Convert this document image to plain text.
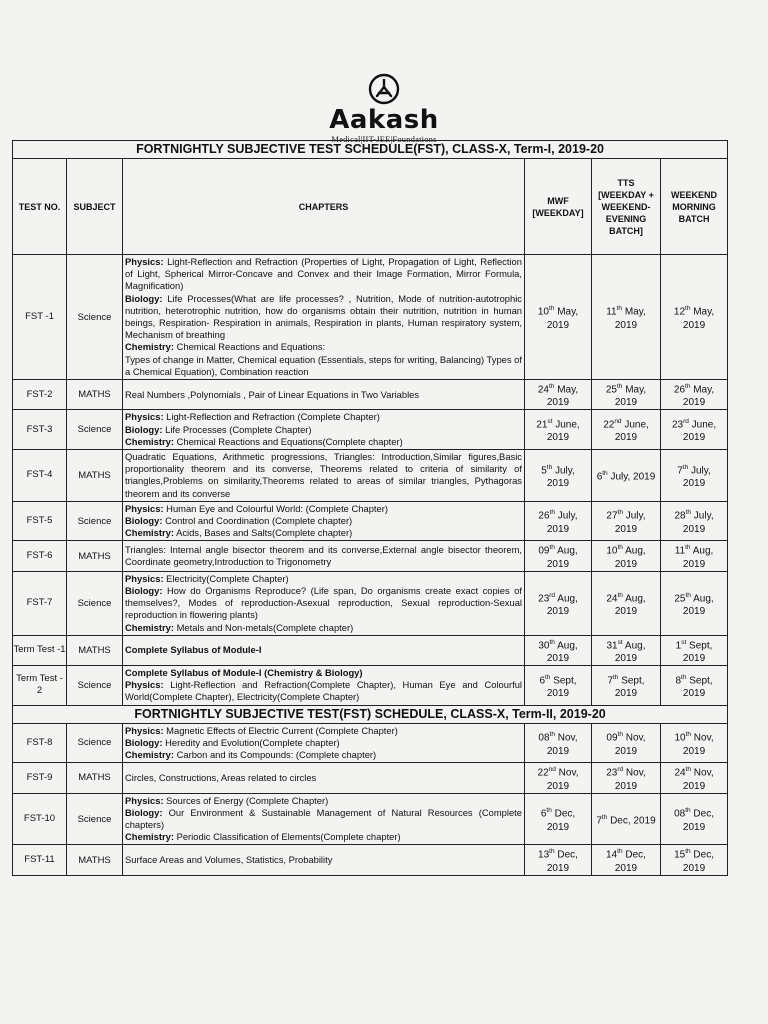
Aakash
Medical|IIT-JEE|Foundations
FORTNIGHTLY SUBJECTIVE TEST SCHEDULE(FST), CLASS-X, Term-I, 2019-20					
TEST NO.	SUBJECT	CHAPTERS	MWF [WEEKDAY]	TTS [WEEKDAY + WEEKEND-EVENING BATCH]	WEEKEND MORNING BATCH
FST -1	Science	Physics: Light-Reflection and Refraction (Properties of Light, Propagation of Light, Reflection of Light, Spherical Mirror-Concave and Convex and their Image Formation, Mirror Formula, Magnification)
Biology: Life Processes(What are life processes? , Nutrition, Mode of nutrition-autotrophic nutrition, heterotrophic nutrition, how do organisms obtain their nutrition, nutrition in human beings, Respiration- Respiration in animals, Respiration in plants, Human respiratory system, Mechanism of breathing
Chemistry: Chemical Reactions and Equations:
Types of change in Matter, Chemical equation (Essentials, steps for writing, Balancing) Types of a Chemical Equation), Combination reaction	10th May,
2019	11th May,
2019	12th May,
2019
FST-2	MATHS	Real Numbers ,Polynomials , Pair of Linear Equations in Two Variables	24th May,
2019	25th May,
2019	26th May,
2019
FST-3	Science	Physics: Light-Reflection and Refraction (Complete Chapter)
Biology: Life Processes (Complete Chapter)
Chemistry: Chemical Reactions and Equations(Complete chapter)	21st June,
2019	22nd June,
2019	23rd June,
2019
FST-4	MATHS	Quadratic Equations, Arithmetic progressions, Triangles: Introduction,Similar figures,Basic proportionality theorem and its converse, Theorems related to criteria of similarity of triangles,Problems on similarity,Theorems related to areas of similar triangles, Pythagoras theorem and its converse	5th July,
2019	6th July, 2019	7th July,
2019
FST-5	Science	Physics: Human Eye and Colourful World: (Complete Chapter)
Biology: Control and Coordination (Complete chapter)
Chemistry: Acids, Bases and Salts(Complete chapter)	26th July,
2019	27th July,
2019	28th July,
2019
FST-6	MATHS	Triangles: Internal angle bisector theorem and its converse,External angle bisector theorem, Coordinate geometry,Introduction to Trigonometry	09th Aug,
2019	10th Aug,
2019	11th Aug,
2019
FST-7	Science	Physics: Electricity(Complete Chapter)
Biology: How do Organisms Reproduce? (Life span, Do organisms create exact copies of themselves?, Modes of reproduction-Asexual reproduction, Sexual reproduction-Sexual reproduction in flowering plants)
Chemistry: Metals and Non-metals(Complete chapter)	23rd Aug,
2019	24th Aug,
2019	25th Aug,
2019
Term Test -1	MATHS	Complete Syllabus of Module-I	30th Aug,
2019	31st Aug,
2019	1st Sept,
2019
Term Test - 2	Science	Complete Syllabus of Module-I (Chemistry & Biology)
Physics: Light-Reflection and Refraction(Complete Chapter), Human Eye and Colourful World(Complete Chapter), Electricity(Complete Chapter)	6th Sept,
2019	7th Sept,
2019	8th Sept,
2019
FORTNIGHTLY SUBJECTIVE TEST(FST) SCHEDULE, CLASS-X, Term-II, 2019-20					
FST-8	Science	Physics: Magnetic Effects of Electric Current (Complete Chapter)
Biology: Heredity and Evolution(Complete chapter)
Chemistry: Carbon and its Compounds: (Complete chapter)	08th Nov,
2019	09th Nov,
2019	10th Nov,
2019
FST-9	MATHS	Circles, Constructions, Areas related to circles	22nd Nov,
2019	23rd Nov,
2019	24th Nov,
2019
FST-10	Science	Physics: Sources of Energy (Complete Chapter)
Biology: Our Environment & Sustainable Management of Natural Resources (Complete chapters)
Chemistry: Periodic Classification of Elements(Complete chapter)	6th Dec,
2019	7th Dec, 2019	08th Dec,
2019
FST-11	MATHS	Surface Areas and Volumes, Statistics, Probability	13th Dec,
2019	14th Dec,
2019	15th Dec,
2019
